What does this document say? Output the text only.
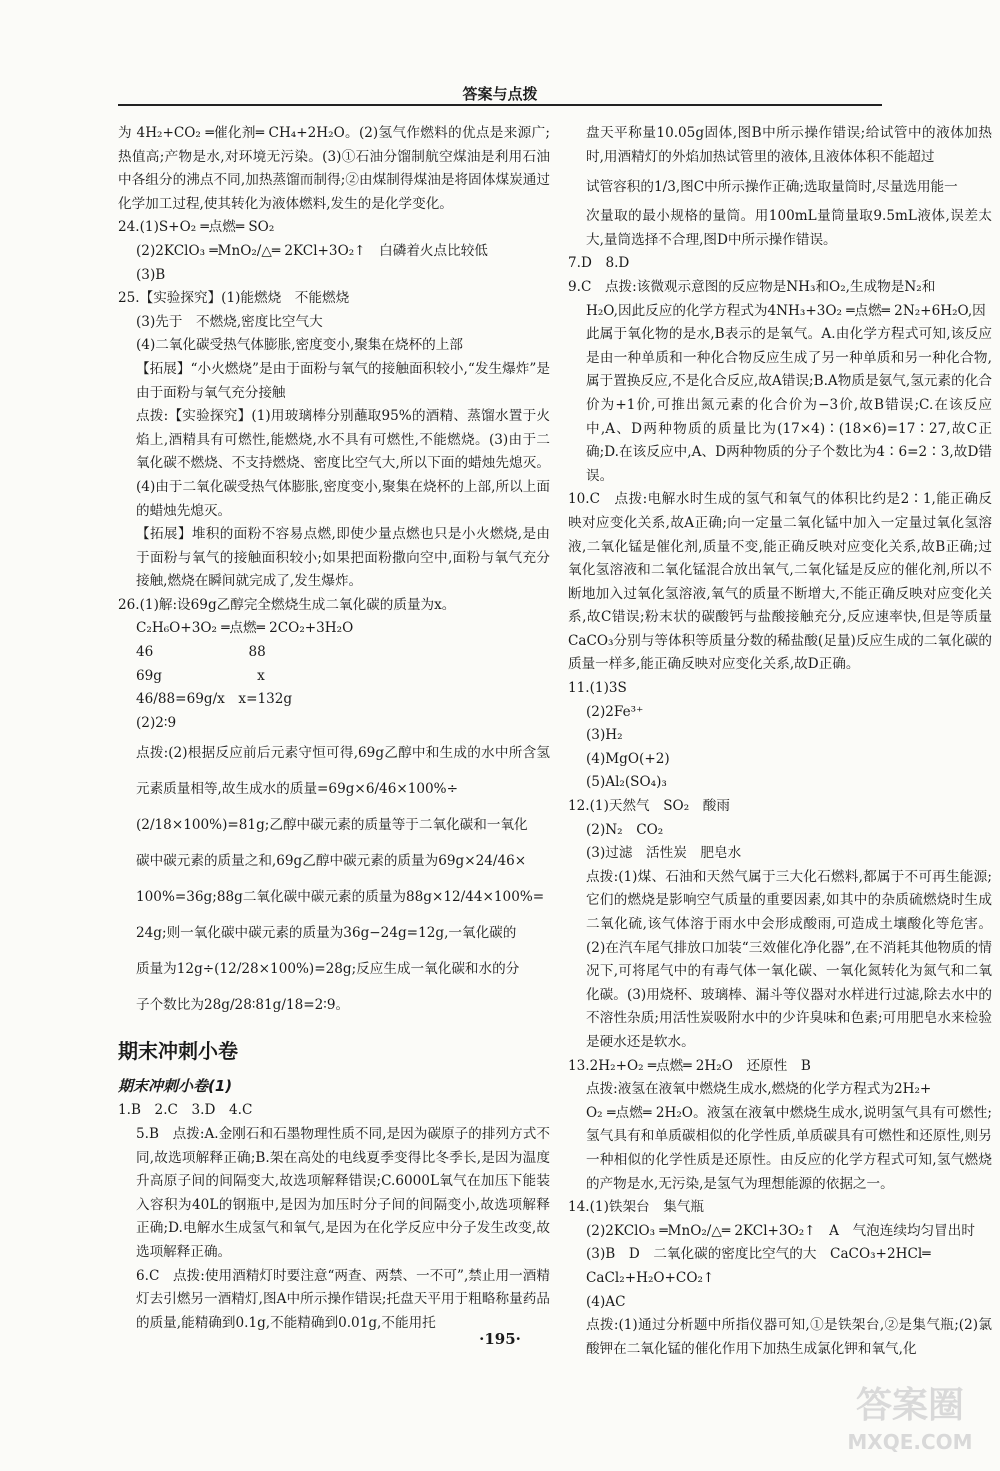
答案与点拨

为 4H₂+CO₂ ═催化剂═ CH₄+2H₂O。(2)氢气作燃料的优点是来源广;热值高;产物是水,对环境无污染。(3)①石油分馏制航空煤油是利用石油中各组分的沸点不同,加热蒸馏而制得;②由煤制得煤油是将固体煤炭通过化学加工过程,使其转化为液体燃料,发生的是化学变化。

24.(1)S+O₂ ═点燃═ SO₂

(2)2KClO₃ ═MnO₂/△═ 2KCl+3O₂↑　白磷着火点比较低

(3)B

25.【实验探究】(1)能燃烧　不能燃烧

(3)先于　不燃烧,密度比空气大

(4)二氧化碳受热气体膨胀,密度变小,聚集在烧杯的上部

【拓展】“小火燃烧”是由于面粉与氧气的接触面积较小,“发生爆炸”是由于面粉与氧气充分接触

点拨:【实验探究】(1)用玻璃棒分别蘸取95%的酒精、蒸馏水置于火焰上,酒精具有可燃性,能燃烧,水不具有可燃性,不能燃烧。(3)由于二氧化碳不燃烧、不支持燃烧、密度比空气大,所以下面的蜡烛先熄灭。(4)由于二氧化碳受热气体膨胀,密度变小,聚集在烧杯的上部,所以上面的蜡烛先熄灭。

【拓展】堆积的面粉不容易点燃,即使少量点燃也只是小火燃烧,是由于面粉与氧气的接触面积较小;如果把面粉撒向空中,面粉与氧气充分接触,燃烧在瞬间就完成了,发生爆炸。

26.(1)解:设69g乙醇完全燃烧生成二氧化碳的质量为x。

C₂H₆O+3O₂ ═点燃═ 2CO₂+3H₂O

46　　　　　　　88

69g　　　　　　　x

46/88=69g/x　x=132g

(2)2∶9

点拨:(2)根据反应前后元素守恒可得,69g乙醇中和生成的水中所含氢元素质量相等,故生成水的质量=69g×6/46×100%÷

(2/18×100%)=81g;乙醇中碳元素的质量等于二氧化碳和一氧化

碳中碳元素的质量之和,69g乙醇中碳元素的质量为69g×24/46×

100%=36g;88g二氧化碳中碳元素的质量为88g×12/44×100%=

24g;则一氧化碳中碳元素的质量为36g−24g=12g,一氧化碳的

质量为12g÷(12/28×100%)=28g;反应生成一氧化碳和水的分

子个数比为28g/28∶81g/18=2∶9。

期末冲刺小卷
期末冲刺小卷(1)

1.B　2.C　3.D　4.C

5.B　点拨:A.金刚石和石墨物理性质不同,是因为碳原子的排列方式不同,故选项解释正确;B.架在高处的电线夏季变得比冬季长,是因为温度升高原子间的间隔变大,故选项解释错误;C.6000L氧气在加压下能装入容积为40L的钢瓶中,是因为加压时分子间的间隔变小,故选项解释正确;D.电解水生成氢气和氧气,是因为在化学反应中分子发生改变,故选项解释正确。

6.C　点拨:使用酒精灯时要注意“两查、两禁、一不可”,禁止用一酒精灯去引燃另一酒精灯,图A中所示操作错误;托盘天平用于粗略称量药品的质量,能精确到0.1g,不能精确到0.01g,不能用托

盘天平称量10.05g固体,图B中所示操作错误;给试管中的液体加热时,用酒精灯的外焰加热试管里的液体,且液体体积不能超过

试管容积的1/3,图C中所示操作正确;选取量筒时,尽量选用能一

次量取的最小规格的量筒。用100mL量筒量取9.5mL液体,误差太大,量筒选择不合理,图D中所示操作错误。

7.D　8.D

9.C　点拨:该微观示意图的反应物是NH₃和O₂,生成物是N₂和

H₂O,因此反应的化学方程式为4NH₃+3O₂ ═点燃═ 2N₂+6H₂O,因

此属于氧化物的是水,B表示的是氧气。A.由化学方程式可知,该反应是由一种单质和一种化合物反应生成了另一种单质和另一种化合物,属于置换反应,不是化合反应,故A错误;B.A物质是氨气,氢元素的化合价为+1价,可推出氮元素的化合价为−3价,故B错误;C.在该反应中,A、D两种物质的质量比为(17×4)∶(18×6)=17∶27,故C正确;D.在该反应中,A、D两种物质的分子个数比为4∶6=2∶3,故D错误。

10.C　点拨:电解水时生成的氢气和氧气的体积比约是2∶1,能正确反映对应变化关系,故A正确;向一定量二氧化锰中加入一定量过氧化氢溶液,二氧化锰是催化剂,质量不变,能正确反映对应变化关系,故B正确;过氧化氢溶液和二氧化锰混合放出氧气,二氧化锰是反应的催化剂,所以不断地加入过氧化氢溶液,氧气的质量不断增大,不能正确反映对应变化关系,故C错误;粉末状的碳酸钙与盐酸接触充分,反应速率快,但是等质量CaCO₃分别与等体积等质量分数的稀盐酸(足量)反应生成的二氧化碳的质量一样多,能正确反映对应变化关系,故D正确。

11.(1)3S

(2)2Fe³⁺

(3)H₂

(4)MgO(+2)

(5)Al₂(SO₄)₃

12.(1)天然气　SO₂　酸雨

(2)N₂　CO₂

(3)过滤　活性炭　肥皂水

点拨:(1)煤、石油和天然气属于三大化石燃料,都属于不可再生能源;它们的燃烧是影响空气质量的重要因素,如其中的杂质硫燃烧时生成二氧化硫,该气体溶于雨水中会形成酸雨,可造成土壤酸化等危害。(2)在汽车尾气排放口加装“三效催化净化器”,在不消耗其他物质的情况下,可将尾气中的有毒气体一氧化碳、一氧化氮转化为氮气和二氧化碳。(3)用烧杯、玻璃棒、漏斗等仪器对水样进行过滤,除去水中的不溶性杂质;用活性炭吸附水中的少许臭味和色素;可用肥皂水来检验是硬水还是软水。

13.2H₂+O₂ ═点燃═ 2H₂O　还原性　B

点拨:液氢在液氧中燃烧生成水,燃烧的化学方程式为2H₂+

O₂ ═点燃═ 2H₂O。液氢在液氧中燃烧生成水,说明氢气具有可燃性;氢气具有和单质碳相似的化学性质,单质碳具有可燃性和还原性,则另一种相似的化学性质是还原性。由反应的化学方程式可知,氢气燃烧的产物是水,无污染,是氢气为理想能源的依据之一。

14.(1)铁架台　集气瓶

(2)2KClO₃ ═MnO₂/△═ 2KCl+3O₂↑　A　气泡连续均匀冒出时

(3)B　D　二氧化碳的密度比空气的大　CaCO₃+2HCl═

CaCl₂+H₂O+CO₂↑

(4)AC

点拨:(1)通过分析题中所指仪器可知,①是铁架台,②是集气瓶;(2)氯酸钾在二氧化锰的催化作用下加热生成氯化钾和氧气,化

·195·
答案圈
MXQE.COM
